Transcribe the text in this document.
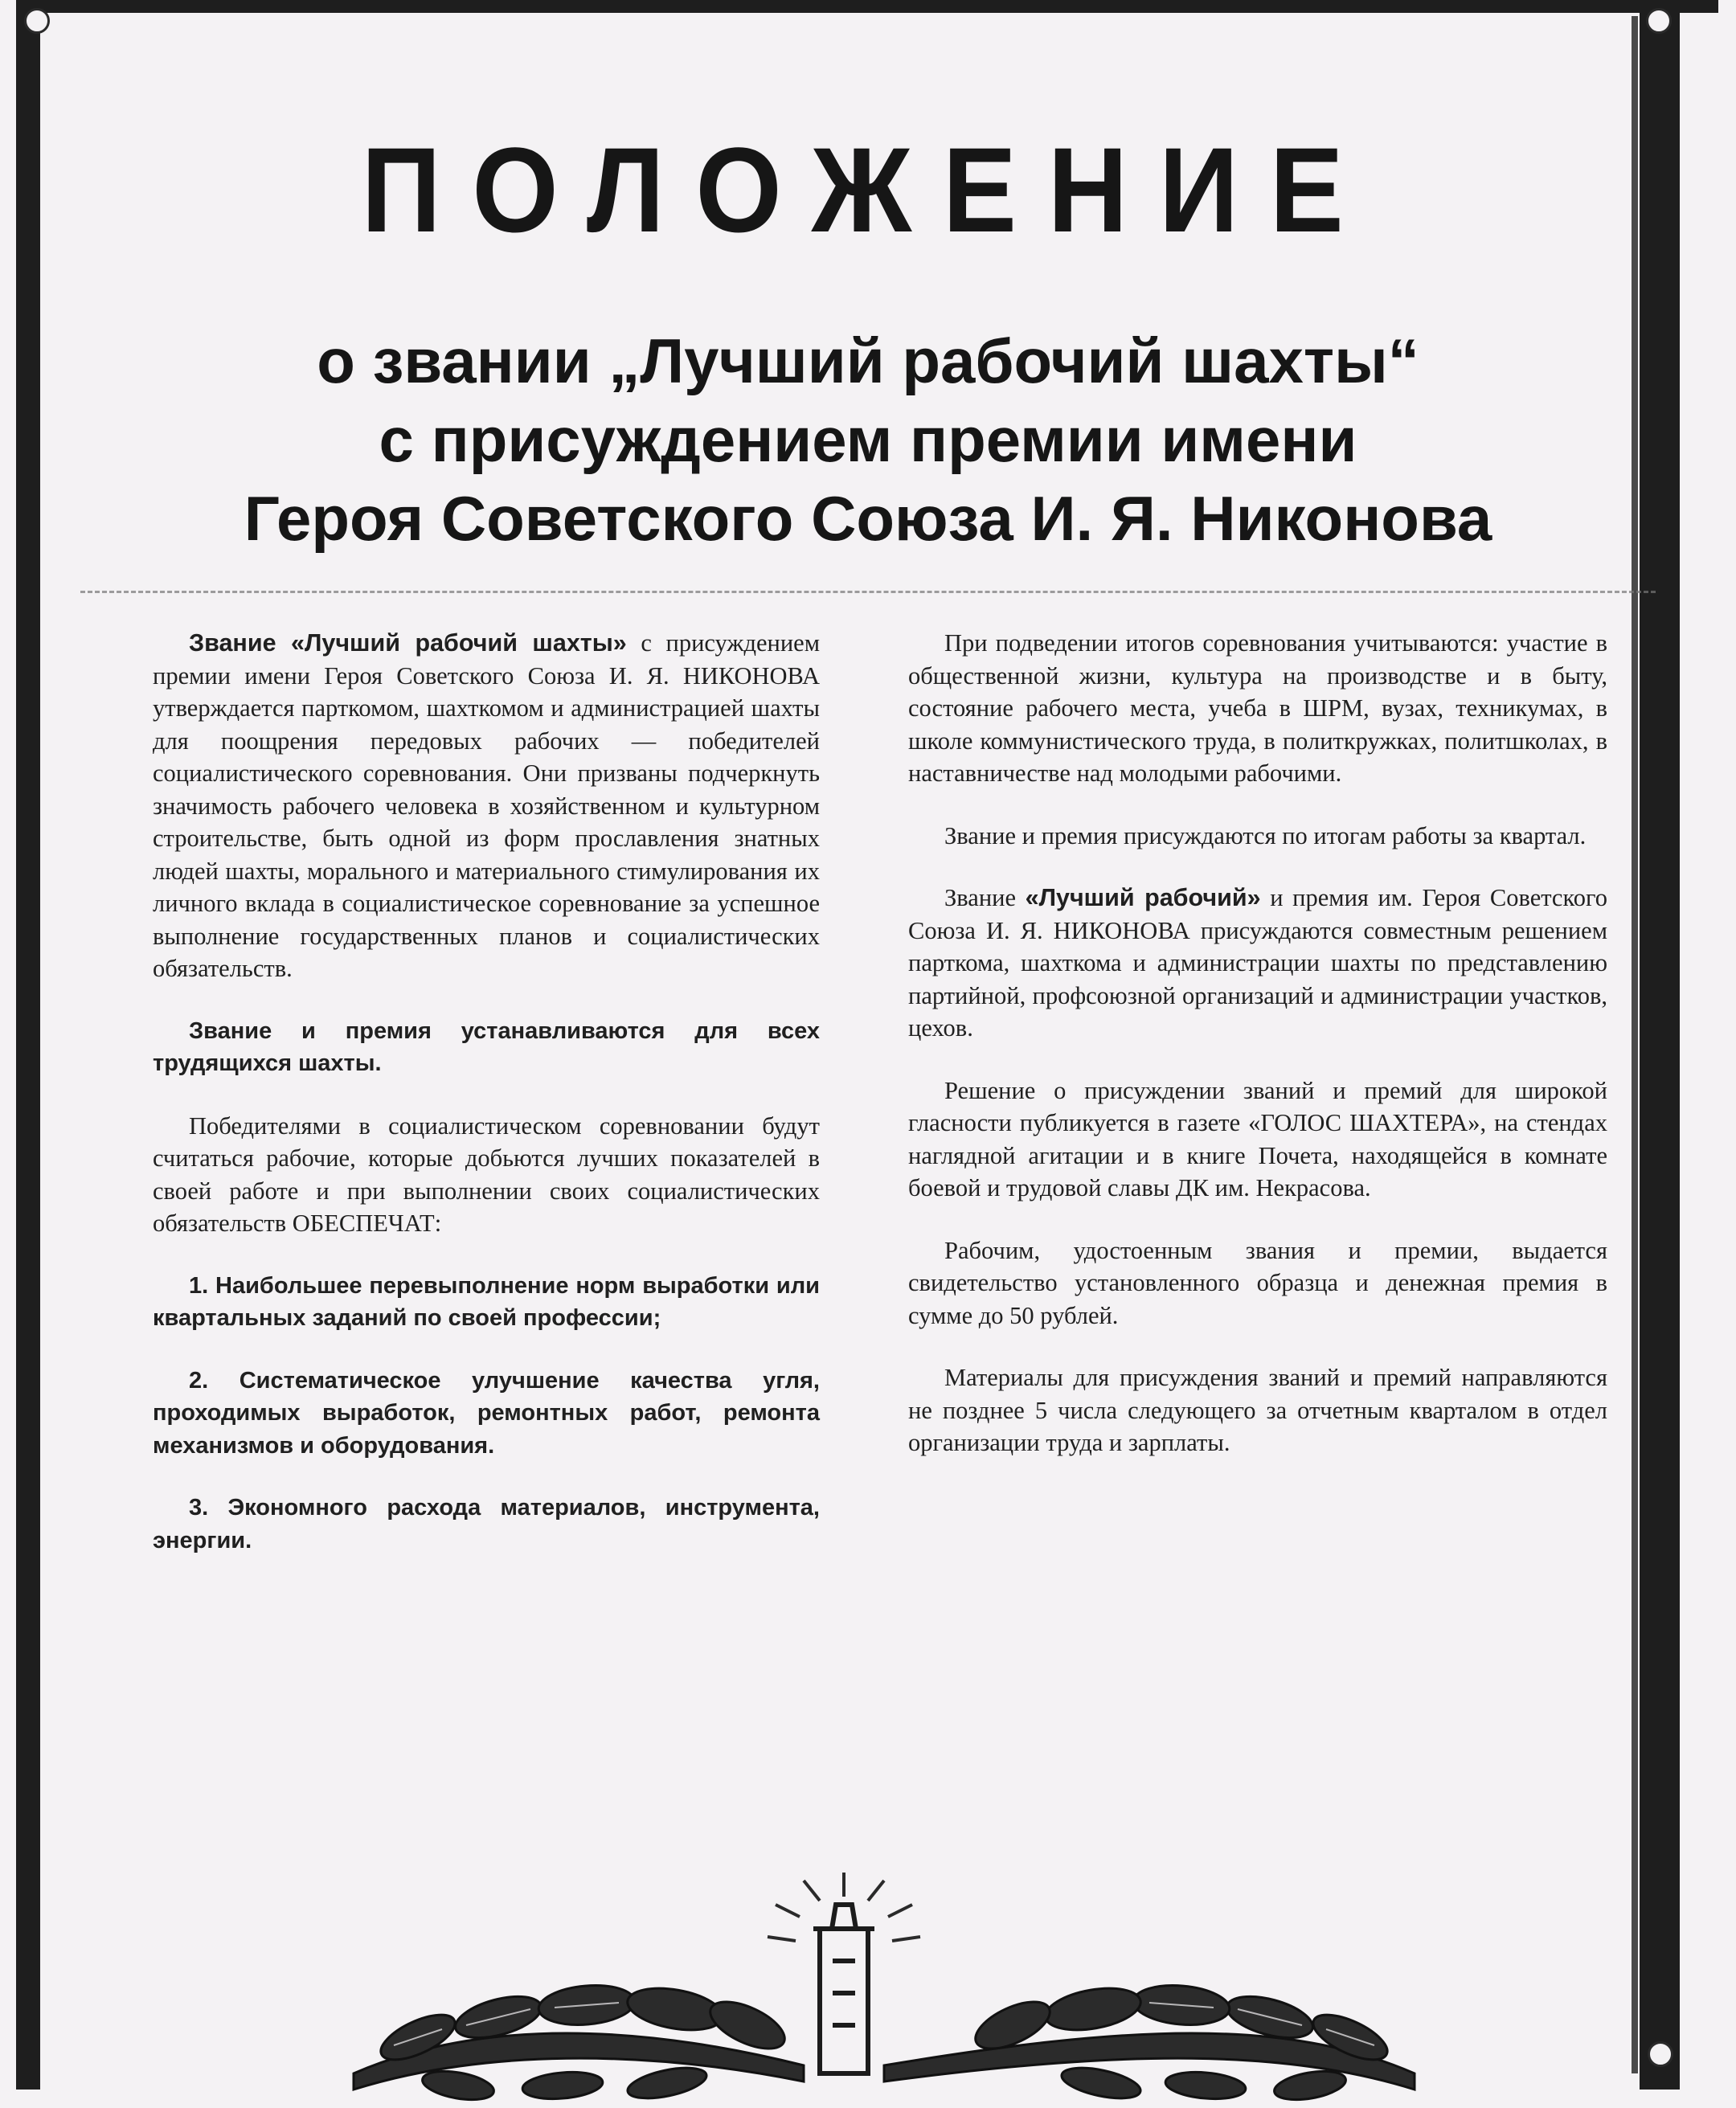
ПОЛОЖЕНИЕ
о звании „Лучший рабочий шахты“
с присуждением премии имени
Героя Советского Союза И. Я. Никонова

Звание «Лучший рабочий шахты» с присуждением премии имени Героя Советского Союза И. Я. НИКОНОВА утверждается парткомом, шахткомом и администрацией шахты для поощрения передовых рабочих — победителей социалистического соревнования. Они призваны подчеркнуть значимость рабочего человека в хозяйственном и культурном строительстве, быть одной из форм прославления знатных людей шахты, морального и материального стимулирования их личного вклада в социалистическое соревнование за успешное выполнение государственных планов и социалистических обязательств.

Звание и премия устанавливаются для всех трудящихся шахты.

Победителями в социалистическом соревновании будут считаться рабочие, которые добьются лучших показателей в своей работе и при выполнении своих социалистических обязательств ОБЕСПЕЧАТ:

1. Наибольшее перевыполнение норм выработки или квартальных заданий по своей профессии;

2. Систематическое улучшение качества угля, проходимых выработок, ремонтных работ, ремонта механизмов и оборудования.

3. Экономного расхода материалов, инструмента, энергии.

При подведении итогов соревнования учитываются: участие в общественной жизни, культура на производстве и в быту, состояние рабочего места, учеба в ШРМ, вузах, техникумах, в школе коммунистического труда, в политкружках, политшколах, в наставничестве над молодыми рабочими.

Звание и премия присуждаются по итогам работы за квартал.

Звание «Лучший рабочий» и премия им. Героя Советского Союза И. Я. НИКОНОВА присуждаются совместным решением парткома, шахткома и администрации шахты по представлению партийной, профсоюзной организаций и администрации участков, цехов.

Решение о присуждении званий и премий для широкой гласности публикуется в газете «ГОЛОС ШАХТЕРА», на стендах наглядной агитации и в книге Почета, находящейся в комнате боевой и трудовой славы ДК им. Некрасова.

Рабочим, удостоенным звания и премии, выдается свидетельство установленного образца и денежная премия в сумме до 50 рублей.

Материалы для присуждения званий и премий направляются не позднее 5 числа следующего за отчетным кварталом в отдел организации труда и зарплаты.
